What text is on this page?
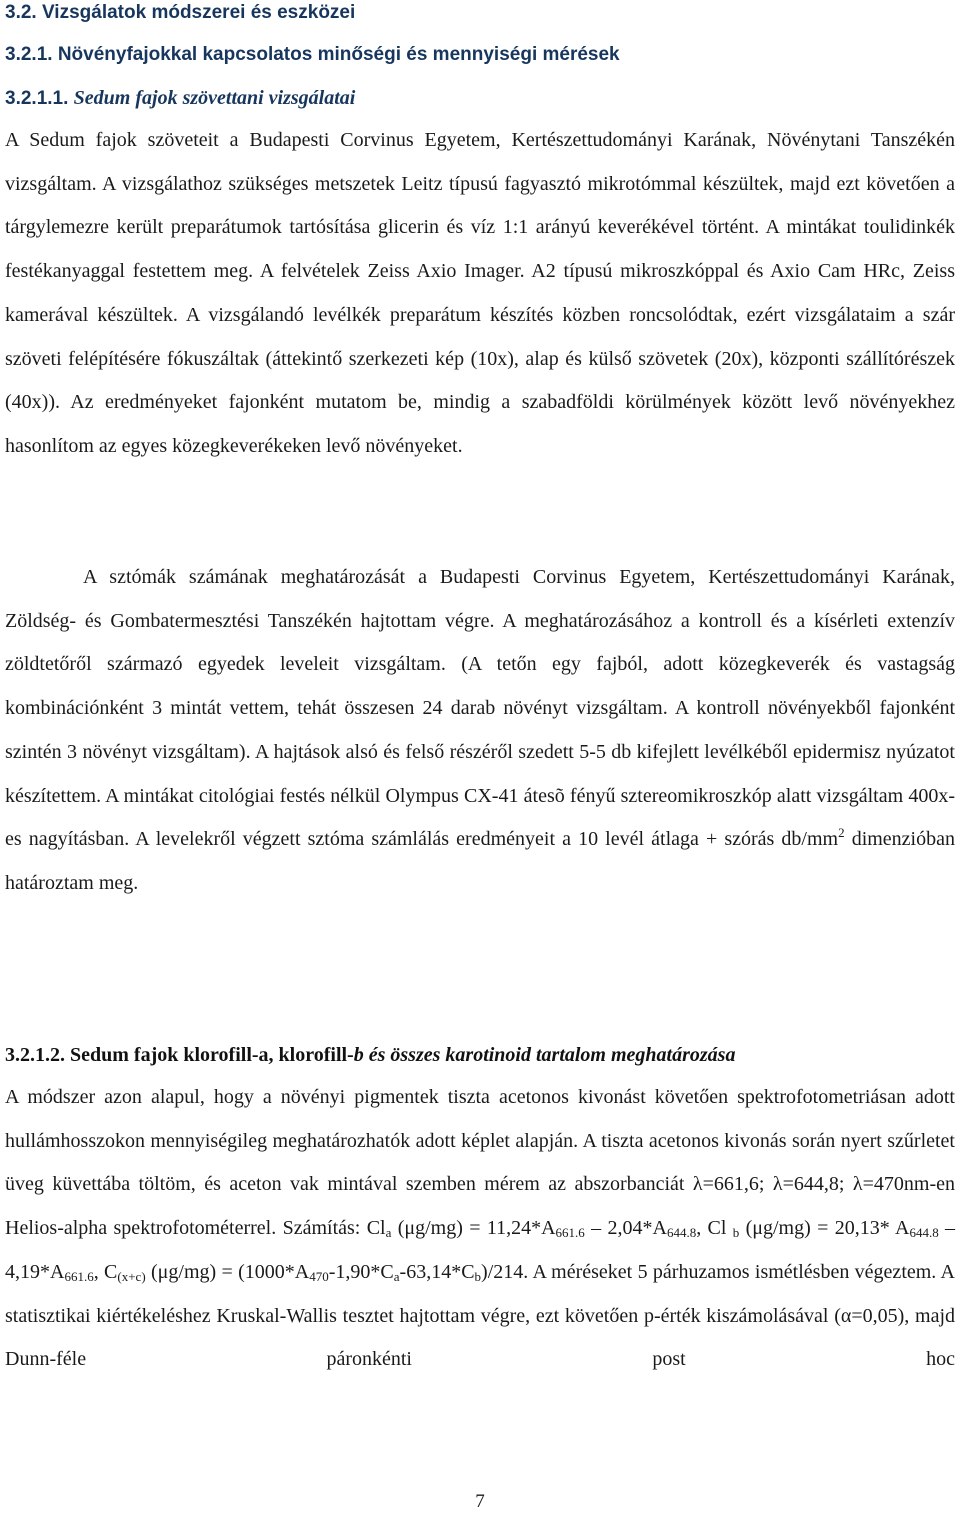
3.2. Vizsgálatok módszerei és eszközei
3.2.1. Növényfajokkal kapcsolatos minőségi és mennyiségi mérések
3.2.1.1. Sedum fajok szövettani vizsgálatai

A Sedum fajok szöveteit a Budapesti Corvinus Egyetem, Kertészettudományi Karának, Növénytani Tanszékén vizsgáltam. A vizsgálathoz szükséges metszetek Leitz típusú fagyasztó mikrotómmal készültek, majd ezt követően a tárgylemezre került preparátumok tartósítása glicerin és víz 1:1 arányú keverékével történt. A mintákat toulidinkék festékanyaggal festettem meg. A felvételek Zeiss Axio Imager. A2 típusú mikroszkóppal és Axio Cam HRc, Zeiss kamerával készültek. A vizsgálandó levélkék preparátum készítés közben roncsolódtak, ezért vizsgálataim a szár szöveti felépítésére fókuszáltak (áttekintő szerkezeti kép (10x), alap és külső szövetek (20x), központi szállítórészek (40x)). Az eredményeket fajonként mutatom be, mindig a szabadföldi körülmények között levő növényekhez hasonlítom az egyes közegkeverékeken levő növényeket.

A sztómák számának meghatározását a Budapesti Corvinus Egyetem, Kertészettudományi Karának, Zöldség- és Gombatermesztési Tanszékén hajtottam végre. A meghatározásához a kontroll és a kísérleti extenzív zöldtetőről származó egyedek leveleit vizsgáltam. (A tetőn egy fajból, adott közegkeverék és vastagság kombinációnként 3 mintát vettem, tehát összesen 24 darab növényt vizsgáltam. A kontroll növényekből fajonként szintén 3 növényt vizsgáltam). A hajtások alsó és felső részéről szedett 5-5 db kifejlett levélkéből epidermisz nyúzatot készítettem. A mintákat citológiai festés nélkül Olympus CX-41 átesõ fényű sztereomikroszkóp alatt vizsgáltam 400x-es nagyításban. A levelekről végzett sztóma számlálás eredményeit a 10 levél átlaga + szórás $db/mm^2$ dimenzióban határoztam meg.

3.2.1.2. Sedum fajok klorofill-a, klorofill-b és összes karotinoid tartalom meghatározása

A módszer azon alapul, hogy a növényi pigmentek tiszta acetonos kivonást követően spektrofotometriásan adott hullámhosszokon mennyiségileg meghatározhatók adott képlet alapján. A tiszta acetonos kivonás során nyert szűrletet üveg küvettába töltöm, és aceton vak mintával szemben mérem az abszorbanciát λ=661,6; λ=644,8; λ=470nm-en Helios-alpha spektrofotométerrel. Számítás: $Cl_a$ $(\mu g/mg) = 11,24*A_{661.6} - 2,04*A_{644.8}$, Cl $_b$ (μg/mg) = 20,13* $A_{644.8} - 4,19*A_{661.6}$, $C_{(x+c)}$ $(\mu g/mg) = (1000*A_{470}-1,90*C_a-63,14*C_b)/214$. A méréseket 5 párhuzamos ismétlésben végeztem. A statisztikai kiértékeléshez Kruskal-Wallis tesztet hajtottam végre, ezt követően p-érték kiszámolásával (α=0,05), majd Dunn-féle páronkénti post hoc

7
